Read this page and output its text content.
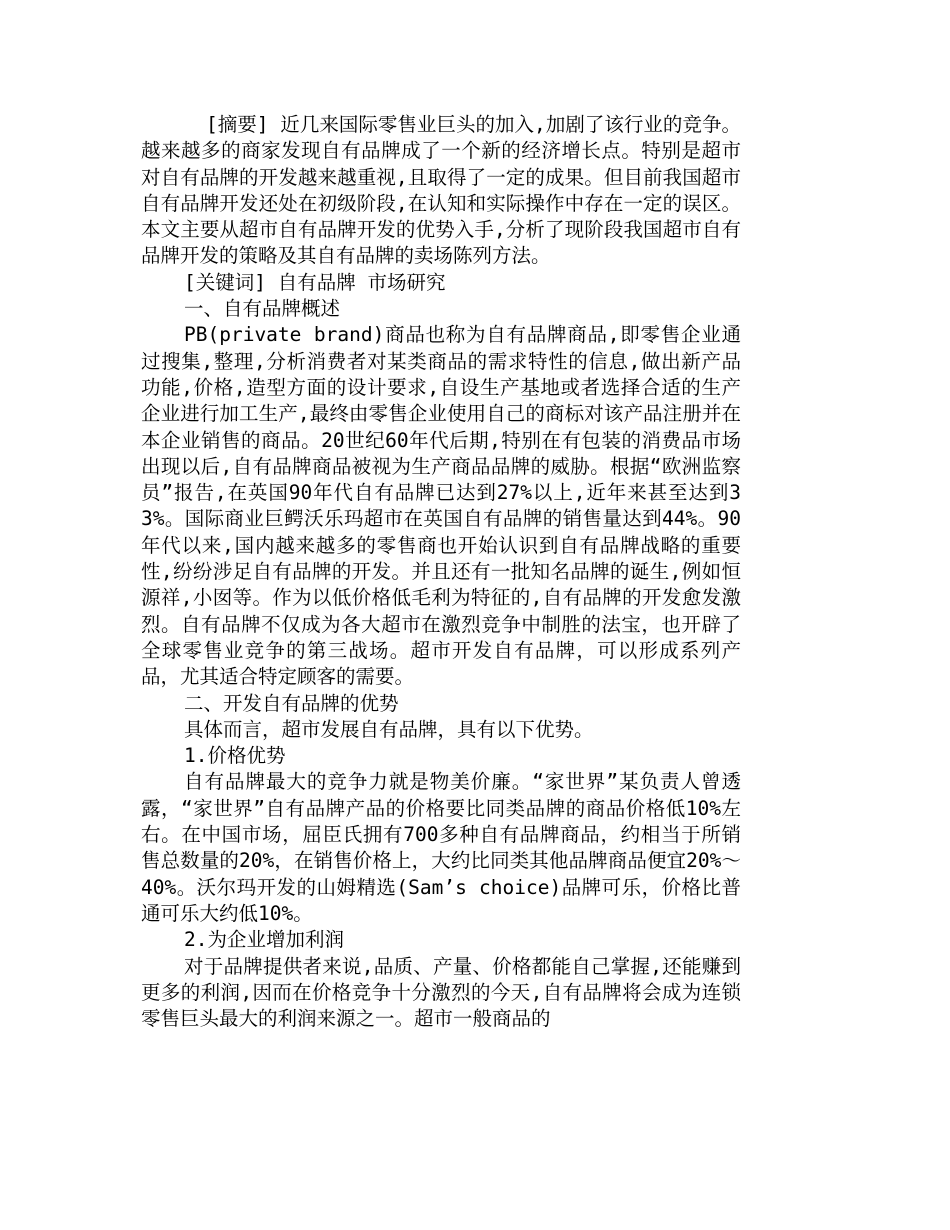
[摘要] 近几来国际零售业巨头的加入,加剧了该行业的竞争。越来越多的商家发现自有品牌成了一个新的经济增长点。特别是超市对自有品牌的开发越来越重视,且取得了一定的成果。但目前我国超市自有品牌开发还处在初级阶段,在认知和实际操作中存在一定的误区。本文主要从超市自有品牌开发的优势入手,分析了现阶段我国超市自有品牌开发的策略及其自有品牌的卖场陈列方法。

[关键词] 自有品牌 市场研究

一、自有品牌概述

PB(private brand)商品也称为自有品牌商品,即零售企业通过搜集,整理,分析消费者对某类商品的需求特性的信息,做出新产品功能,价格,造型方面的设计要求,自设生产基地或者选择合适的生产企业进行加工生产,最终由零售企业使用自己的商标对该产品注册并在本企业销售的商品。20世纪60年代后期,特别在有包装的消费品市场出现以后,自有品牌商品被视为生产商品品牌的威胁。根据“欧洲监察员”报告,在英国90年代自有品牌已达到27%以上,近年来甚至达到33%。国际商业巨鳄沃乐玛超市在英国自有品牌的销售量达到44%。90年代以来,国内越来越多的零售商也开始认识到自有品牌战略的重要性,纷纷涉足自有品牌的开发。并且还有一批知名品牌的诞生,例如恒源祥,小囡等。作为以低价格低毛利为特征的,自有品牌的开发愈发激烈。自有品牌不仅成为各大超市在激烈竞争中制胜的法宝，也开辟了全球零售业竞争的第三战场。超市开发自有品牌，可以形成系列产品，尤其适合特定顾客的需要。

二、开发自有品牌的优势

具体而言，超市发展自有品牌，具有以下优势。

1.价格优势

自有品牌最大的竞争力就是物美价廉。“家世界”某负责人曾透露，“家世界”自有品牌产品的价格要比同类品牌的商品价格低10%左右。在中国市场，屈臣氏拥有700多种自有品牌商品，约相当于所销售总数量的20%，在销售价格上，大约比同类其他品牌商品便宜20%～40%。沃尔玛开发的山姆精选(Sam’s choice)品牌可乐，价格比普通可乐大约低10%。

2.为企业增加利润

对于品牌提供者来说,品质、产量、价格都能自己掌握,还能赚到更多的利润,因而在价格竞争十分激烈的今天,自有品牌将会成为连锁零售巨头最大的利润来源之一。超市一般商品的
